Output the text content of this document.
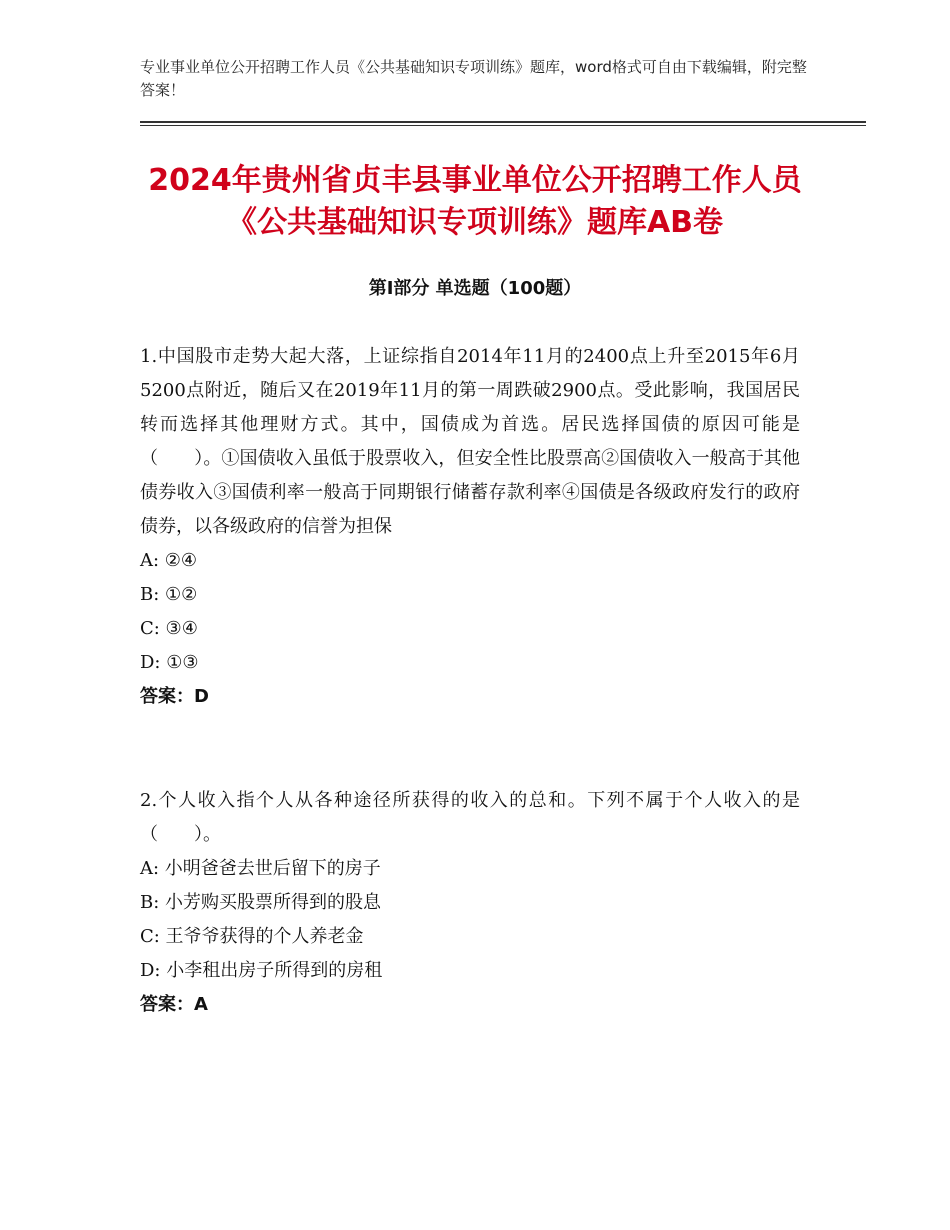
专业事业单位公开招聘工作人员《公共基础知识专项训练》题库，word格式可自由下载编辑，附完整答案！
2024年贵州省贞丰县事业单位公开招聘工作人员《公共基础知识专项训练》题库AB卷
第Ⅰ部分 单选题（100题）

1.中国股市走势大起大落，上证综指自2014年11月的2400点上升至2015年6月5200点附近，随后又在2019年11月的第一周跌破2900点。受此影响，我国居民转而选择其他理财方式。其中，国债成为首选。居民选择国债的原因可能是（　　）。①国债收入虽低于股票收入，但安全性比股票高②国债收入一般高于其他债券收入③国债利率一般高于同期银行储蓄存款利率④国债是各级政府发行的政府债券，以各级政府的信誉为担保

A: ②④

B: ①②

C: ③④

D: ①③

答案：D

2.个人收入指个人从各种途径所获得的收入的总和。下列不属于个人收入的是（　　）。

A: 小明爸爸去世后留下的房子

B: 小芳购买股票所得到的股息

C: 王爷爷获得的个人养老金

D: 小李租出房子所得到的房租

答案：A
